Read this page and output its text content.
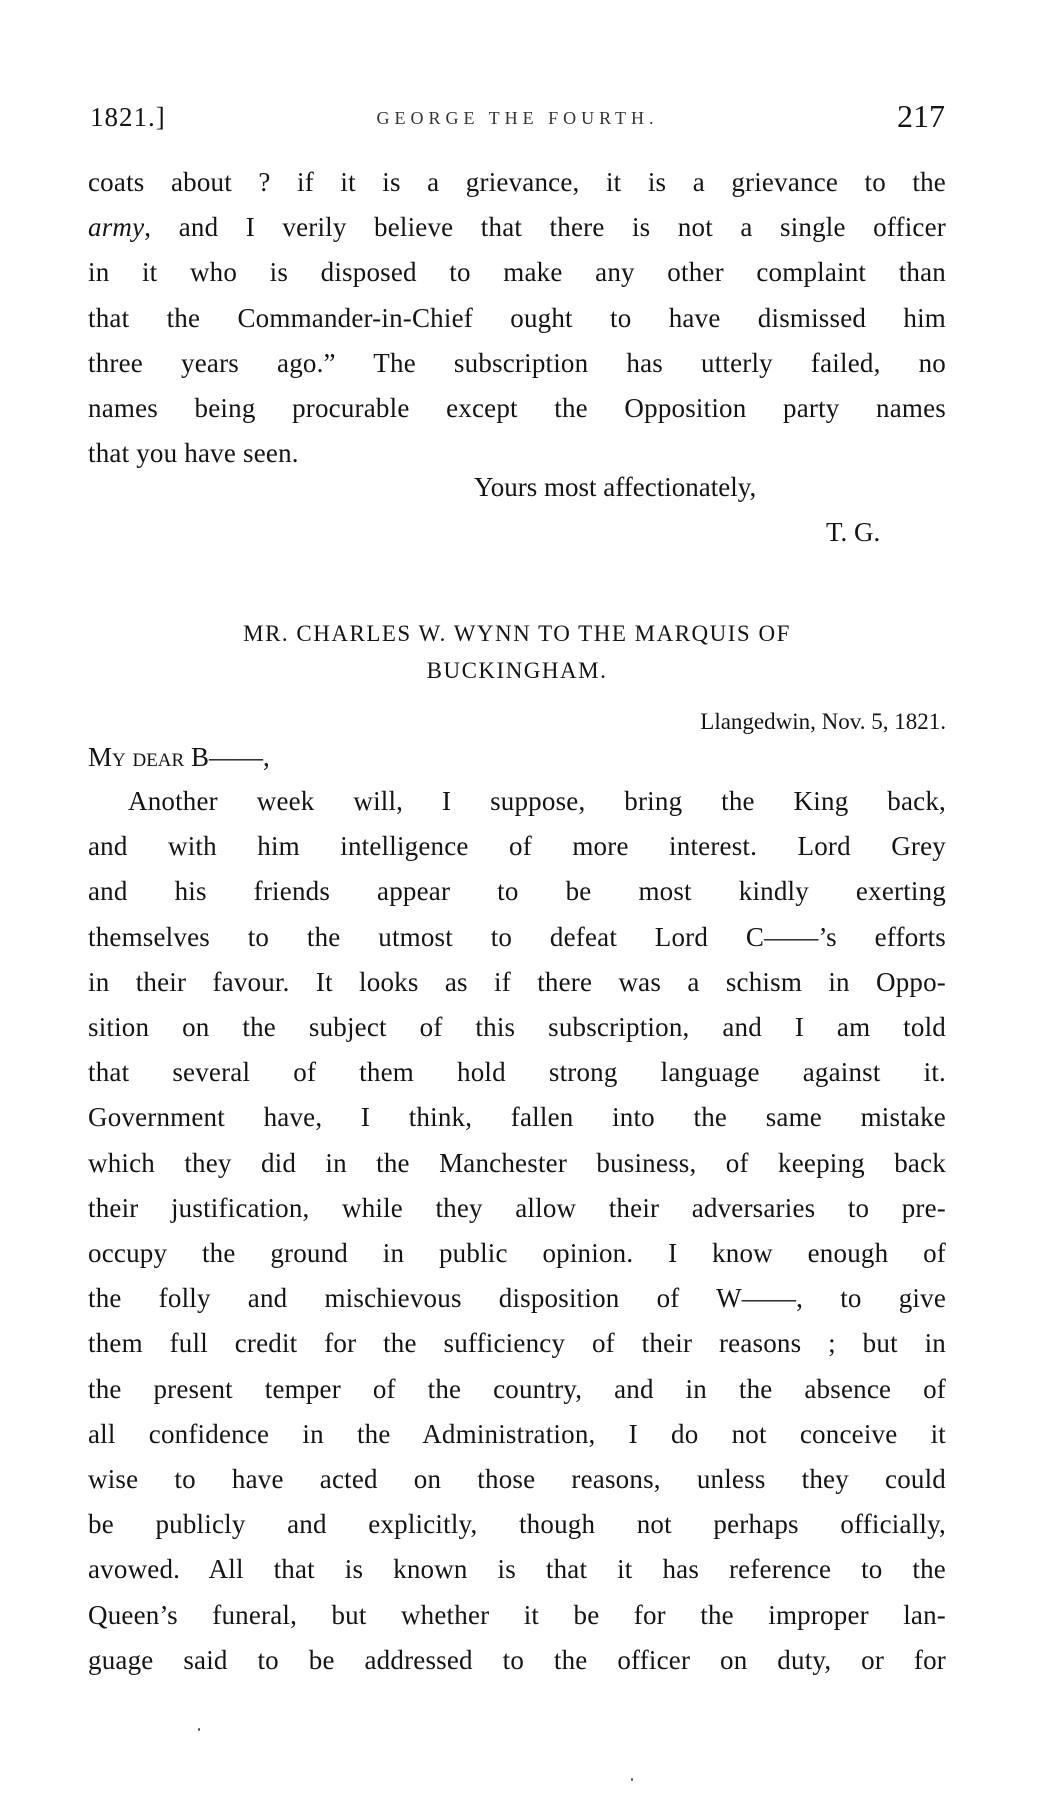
1821.]	GEORGE THE FOURTH.	217

coats about ? if it is a grievance, it is a grievance to the
army, and I verily believe that there is not a single officer
in it who is disposed to make any other complaint than
that the Commander-in-Chief ought to have dismissed him
three years ago.” The subscription has utterly failed, no
names being procurable except the Opposition party names
that you have seen.

Yours most affectionately,
T. G.
MR. CHARLES W. WYNN TO THE MARQUIS OF
BUCKINGHAM.
Llangedwin, Nov. 5, 1821.
My dear B——,

Another week will, I suppose, bring the King back,
and with him intelligence of more interest. Lord Grey
and his friends appear to be most kindly exerting
themselves to the utmost to defeat Lord C——’s efforts
in their favour. It looks as if there was a schism in Oppo-
sition on the subject of this subscription, and I am told
that several of them hold strong language against it.
Government have, I think, fallen into the same mistake
which they did in the Manchester business, of keeping back
their justification, while they allow their adversaries to pre-
occupy the ground in public opinion. I know enough of
the folly and mischievous disposition of W——, to give
them full credit for the sufficiency of their reasons ; but in
the present temper of the country, and in the absence of
all confidence in the Administration, I do not conceive it
wise to have acted on those reasons, unless they could
be publicly and explicitly, though not perhaps officially,
avowed. All that is known is that it has reference to the
Queen’s funeral, but whether it be for the improper lan-
guage said to be addressed to the officer on duty, or for
